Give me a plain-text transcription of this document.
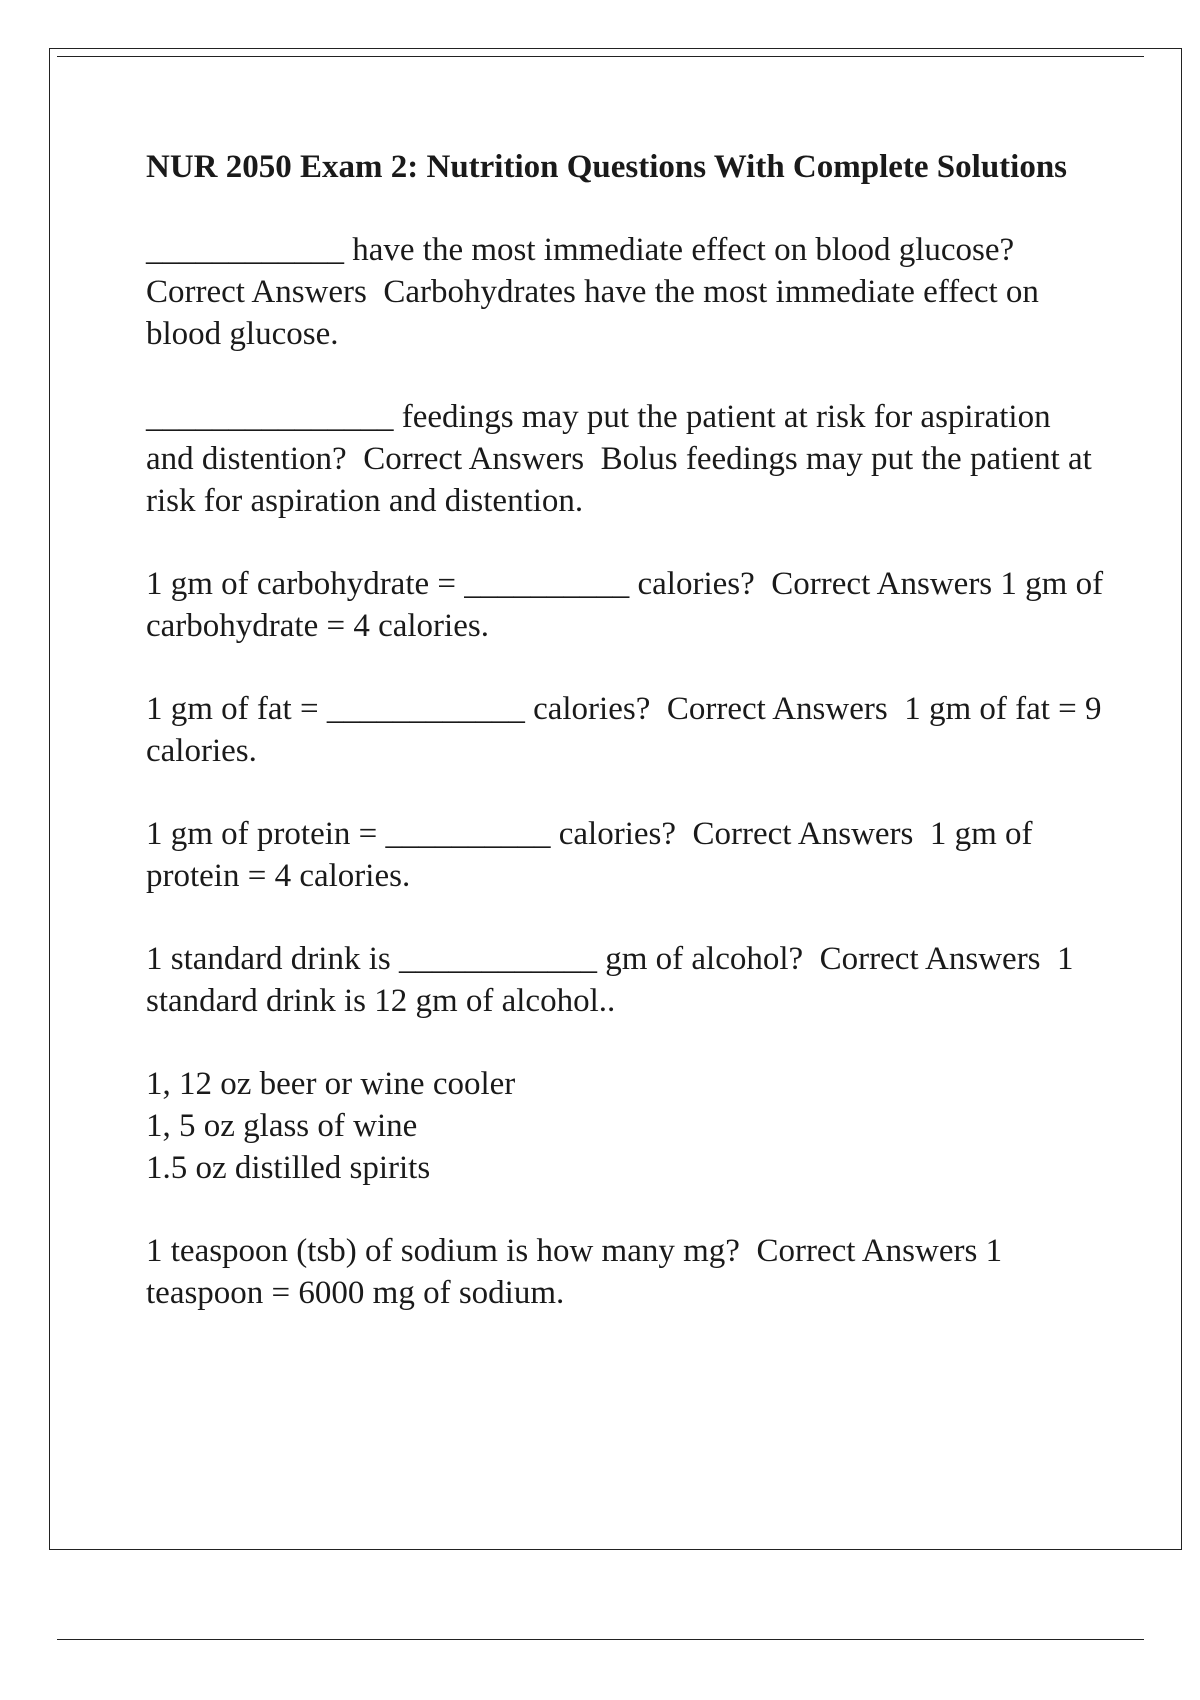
NUR 2050 Exam 2: Nutrition Questions With Complete Solutions
____________ have the most immediate effect on blood glucose?  Correct Answers Carbohydrates have the most immediate effect on blood glucose.
_______________ feedings may put the patient at risk for aspiration and distention? Correct Answers Bolus feedings may put the patient at risk for aspiration and distention.
1 gm of carbohydrate = __________ calories? Correct Answers 1 gm of carbohydrate = 4 calories.
1 gm of fat = ____________ calories? Correct Answers 1 gm of fat = 9 calories.
1 gm of protein = __________ calories? Correct Answers 1 gm of protein = 4 calories.
1 standard drink is ____________ gm of alcohol? Correct Answers 1 standard drink is 12 gm of alcohol..
1, 12 oz beer or wine cooler
1, 5 oz glass of wine
1.5 oz distilled spirits
1 teaspoon (tsb) of sodium is how many mg? Correct Answers 1 teaspoon = 6000 mg of sodium.
